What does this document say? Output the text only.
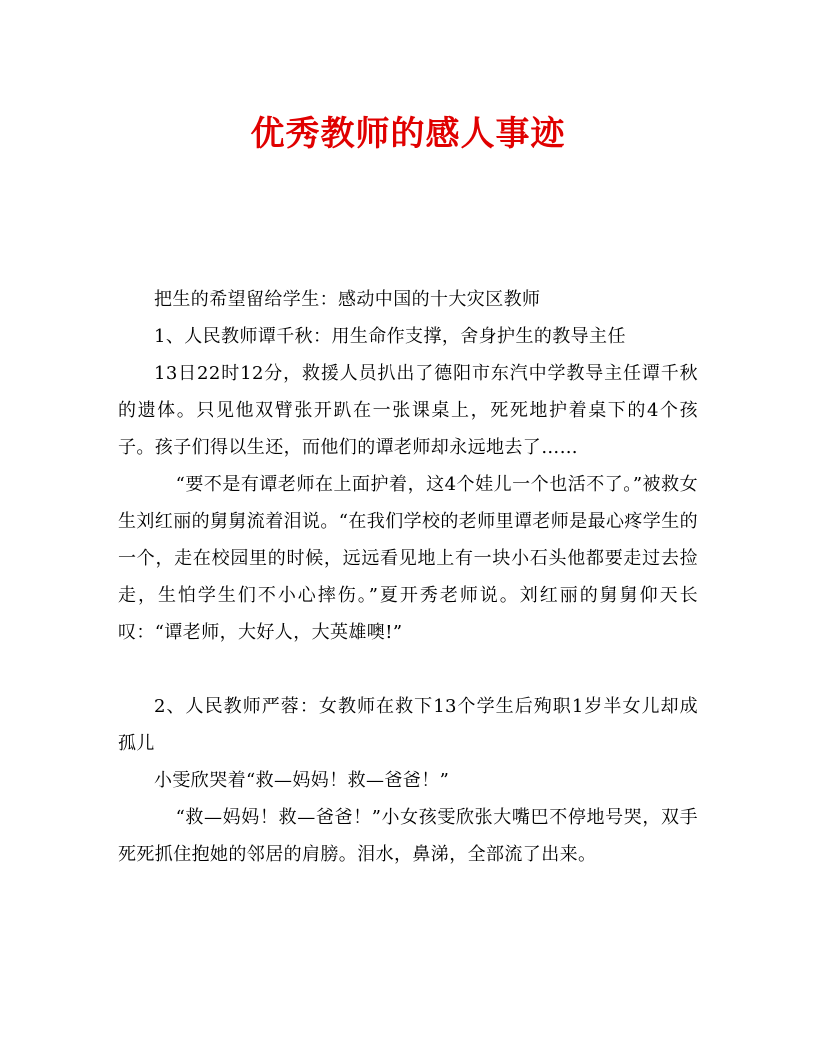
优秀教师的感人事迹

把生的希望留给学生：感动中国的十大灾区教师

1、人民教师谭千秋：用生命作支撑，舍身护生的教导主任

13日22时12分，救援人员扒出了德阳市东汽中学教导主任谭千秋的遗体。只见他双臂张开趴在一张课桌上，死死地护着桌下的4个孩子。孩子们得以生还，而他们的谭老师却永远地去了……

“要不是有谭老师在上面护着，这4个娃儿一个也活不了。”被救女生刘红丽的舅舅流着泪说。“在我们学校的老师里谭老师是最心疼学生的一个，走在校园里的时候，远远看见地上有一块小石头他都要走过去捡走，生怕学生们不小心摔伤。”夏开秀老师说。刘红丽的舅舅仰天长叹：“谭老师，大好人，大英雄噢!”

2、人民教师严蓉：女教师在救下13个学生后殉职1岁半女儿却成孤儿

小雯欣哭着“救—妈妈！救—爸爸！”

“救—妈妈！救—爸爸！”小女孩雯欣张大嘴巴不停地号哭，双手死死抓住抱她的邻居的肩膀。泪水，鼻涕，全部流了出来。
